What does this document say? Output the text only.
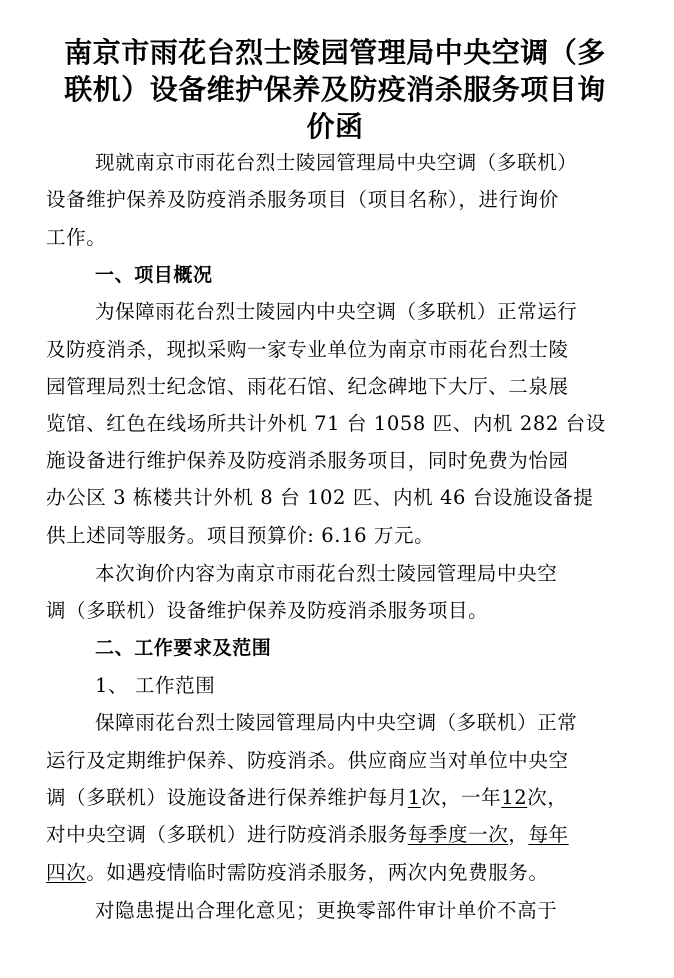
南京市雨花台烈士陵园管理局中央空调（多
联机）设备维护保养及防疫消杀服务项目询
价函
现就南京市雨花台烈士陵园管理局中央空调（多联机）
设备维护保养及防疫消杀服务项目（项目名称），进行询价
工作。
一、项目概况
为保障雨花台烈士陵园内中央空调（多联机）正常运行
及防疫消杀，现拟采购一家专业单位为南京市雨花台烈士陵
园管理局烈士纪念馆、雨花石馆、纪念碑地下大厅、二泉展
览馆、红色在线场所共计外机 71 台 1058 匹、内机 282 台设
施设备进行维护保养及防疫消杀服务项目，同时免费为怡园
办公区 3 栋楼共计外机 8 台 102 匹、内机 46 台设施设备提
供上述同等服务。项目预算价: 6.16 万元。
本次询价内容为南京市雨花台烈士陵园管理局中央空
调（多联机）设备维护保养及防疫消杀服务项目。
二、工作要求及范围
1、 工作范围
保障雨花台烈士陵园管理局内中央空调（多联机）正常
运行及定期维护保养、防疫消杀。供应商应当对单位中央空
调（多联机）设施设备进行保养维护每月1次，一年12次，
对中央空调（多联机）进行防疫消杀服务每季度一次，每年
四次。如遇疫情临时需防疫消杀服务，两次内免费服务。
对隐患提出合理化意见；更换零部件审计单价不高于
